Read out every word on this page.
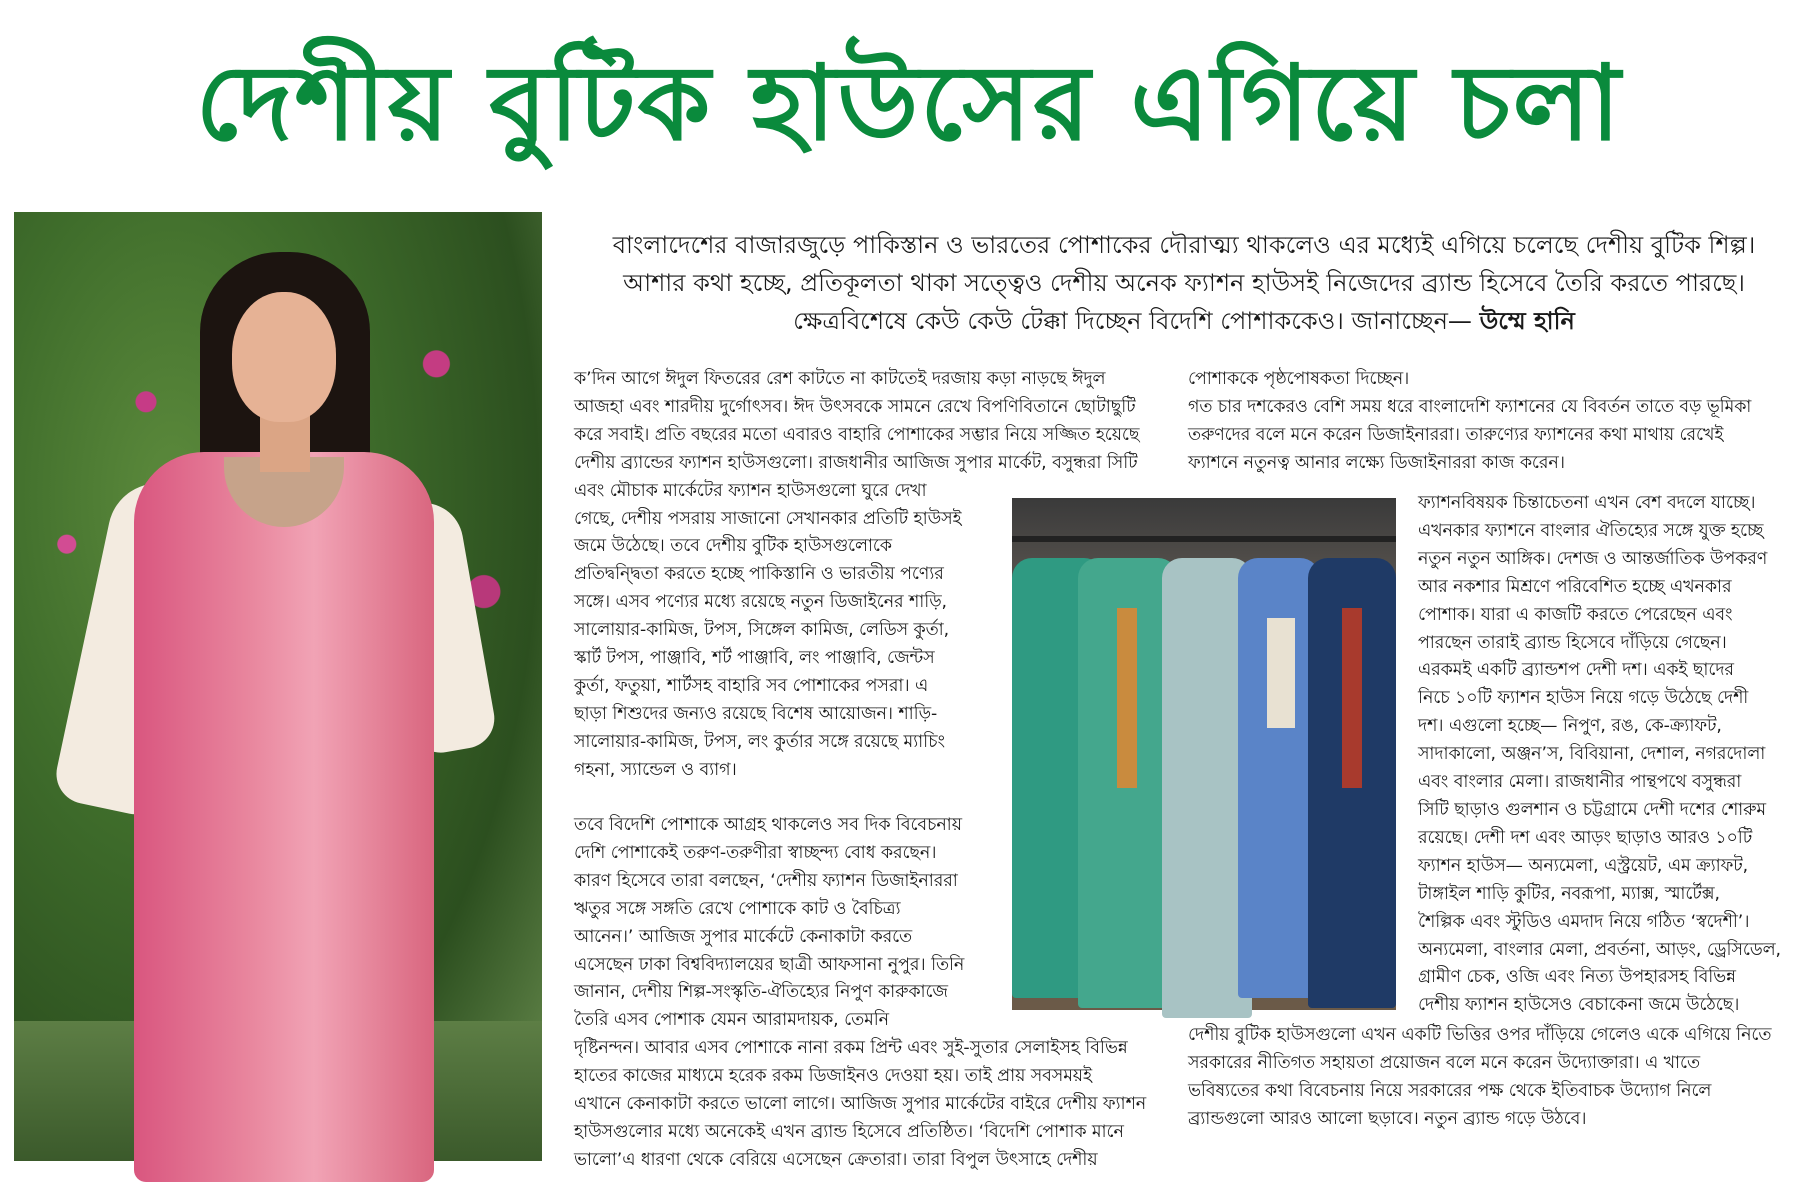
দেশীয় বুটিক হাউসের এগিয়ে চলা

বাংলাদেশের বাজারজুড়ে পাকিস্তান ও ভারতের পোশাকের দৌরাত্ম্য থাকলেও এর মধ্যেই এগিয়ে চলেছে দেশীয় বুটিক শিল্প।

আশার কথা হচ্ছে, প্রতিকূলতা থাকা সত্ত্বেও দেশীয় অনেক ফ্যাশন হাউসই নিজেদের ব্র্যান্ড হিসেবে তৈরি করতে পারছে।

ক্ষেত্রবিশেষে কেউ কেউ টেক্কা দিচ্ছেন বিদেশি পোশাককেও। জানাচ্ছেন— উম্মে হানি

ক’দিন আগে ঈদুল ফিতরের রেশ কাটতে না কাটতেই দরজায় কড়া নাড়ছে ঈদুল
আজহা এবং শারদীয় দুর্গোৎসব। ঈদ উৎসবকে সামনে রেখে বিপণিবিতানে ছোটাছুটি
করে সবাই। প্রতি বছরের মতো এবারও বাহারি পোশাকের সম্ভার নিয়ে সজ্জিত হয়েছে
দেশীয় ব্র্যান্ডের ফ্যাশন হাউসগুলো। রাজধানীর আজিজ সুপার মার্কেট, বসুন্ধরা সিটি
এবং মৌচাক মার্কেটের ফ্যাশন হাউসগুলো ঘুরে দেখা
গেছে, দেশীয় পসরায় সাজানো সেখানকার প্রতিটি হাউসই
জমে উঠেছে। তবে দেশীয় বুটিক হাউসগুলোকে
প্রতিদ্বন্দ্বিতা করতে হচ্ছে পাকিস্তানি ও ভারতীয় পণ্যের
সঙ্গে। এসব পণ্যের মধ্যে রয়েছে নতুন ডিজাইনের শাড়ি,
সালোয়ার-কামিজ, টপস, সিঙ্গেল কামিজ, লেডিস কুর্তা,
স্কার্ট টপস, পাঞ্জাবি, শর্ট পাঞ্জাবি, লং পাঞ্জাবি, জেন্টস
কুর্তা, ফতুয়া, শার্টসহ বাহারি সব পোশাকের পসরা। এ
ছাড়া শিশুদের জন্যও রয়েছে বিশেষ আয়োজন। শাড়ি-
সালোয়ার-কামিজ, টপস, লং কুর্তার সঙ্গে রয়েছে ম্যাচিং
গহনা, স্যান্ডেল ও ব্যাগ।
তবে বিদেশি পোশাকে আগ্রহ থাকলেও সব দিক বিবেচনায়
দেশি পোশাকেই তরুণ-তরুণীরা স্বাচ্ছন্দ্য বোধ করছেন।
কারণ হিসেবে তারা বলছেন, ‘দেশীয় ফ্যাশন ডিজাইনাররা
ঋতুর সঙ্গে সঙ্গতি রেখে পোশাকে কাট ও বৈচিত্র্য
আনেন।’ আজিজ সুপার মার্কেটে কেনাকাটা করতে
এসেছেন ঢাকা বিশ্ববিদ্যালয়ের ছাত্রী আফসানা নুপুর। তিনি
জানান, দেশীয় শিল্প-সংস্কৃতি-ঐতিহ্যের নিপুণ কারুকাজে
তৈরি এসব পোশাক যেমন আরামদায়ক, তেমনি
দৃষ্টিনন্দন। আবার এসব পোশাকে নানা রকম প্রিন্ট এবং সুই-সুতার সেলাইসহ বিভিন্ন
হাতের কাজের মাধ্যমে হরেক রকম ডিজাইনও দেওয়া হয়। তাই প্রায় সবসময়ই
এখানে কেনাকাটা করতে ভালো লাগে। আজিজ সুপার মার্কেটের বাইরে দেশীয় ফ্যাশন
হাউসগুলোর মধ্যে অনেকেই এখন ব্র্যান্ড হিসেবে প্রতিষ্ঠিত। ‘বিদেশি পোশাক মানে
ভালো’এ ধারণা থেকে বেরিয়ে এসেছেন ক্রেতারা। তারা বিপুল উৎসাহে দেশীয়
পোশাককে পৃষ্ঠপোষকতা দিচ্ছেন।
গত চার দশকেরও বেশি সময় ধরে বাংলাদেশি ফ্যাশনের যে বিবর্তন তাতে বড় ভূমিকা
তরুণদের বলে মনে করেন ডিজাইনাররা। তারুণ্যের ফ্যাশনের কথা মাথায় রেখেই
ফ্যাশনে নতুনত্ব আনার লক্ষ্যে ডিজাইনাররা কাজ করেন।
ফ্যাশনবিষয়ক চিন্তাচেতনা এখন বেশ বদলে যাচ্ছে।
এখনকার ফ্যাশনে বাংলার ঐতিহ্যের সঙ্গে যুক্ত হচ্ছে
নতুন নতুন আঙ্গিক। দেশজ ও আন্তর্জাতিক উপকরণ
আর নকশার মিশ্রণে পরিবেশিত হচ্ছে এখনকার
পোশাক। যারা এ কাজটি করতে পেরেছেন এবং
পারছেন তারাই ব্র্যান্ড হিসেবে দাঁড়িয়ে গেছেন।
এরকমই একটি ব্র্যান্ডশপ দেশী দশ। একই ছাদের
নিচে ১০টি ফ্যাশন হাউস নিয়ে গড়ে উঠেছে দেশী
দশ। এগুলো হচ্ছে— নিপুণ, রঙ, কে-ক্র্যাফট,
সাদাকালো, অঞ্জন’স, বিবিয়ানা, দেশাল, নগরদোলা
এবং বাংলার মেলা। রাজধানীর পান্থপথে বসুন্ধরা
সিটি ছাড়াও গুলশান ও চট্টগ্রামে দেশী দশের শোরুম
রয়েছে। দেশী দশ এবং আড়ং ছাড়াও আরও ১০টি
ফ্যাশন হাউস— অন্যমেলা, এস্ট্রয়েট, এম ক্র্যাফট,
টাঙ্গাইল শাড়ি কুটির, নবরূপা, ম্যাক্স, স্মার্টেক্স,
শৈল্পিক এবং স্টুডিও এমদাদ নিয়ে গঠিত ‘স্বদেশী’।
অন্যমেলা, বাংলার মেলা, প্রবর্তনা, আড়ং, ড্রেসিডেল,
গ্রামীণ চেক, ওজি এবং নিত্য উপহারসহ বিভিন্ন
দেশীয় ফ্যাশন হাউসেও বেচাকেনা জমে উঠেছে।
দেশীয় বুটিক হাউসগুলো এখন একটি ভিত্তির ওপর দাঁড়িয়ে গেলেও একে এগিয়ে নিতে
সরকারের নীতিগত সহায়তা প্রয়োজন বলে মনে করেন উদ্যোক্তারা। এ খাতে
ভবিষ্যতের কথা বিবেচনায় নিয়ে সরকারের পক্ষ থেকে ইতিবাচক উদ্যোগ নিলে
ব্র্যান্ডগুলো আরও আলো ছড়াবে। নতুন ব্র্যান্ড গড়ে উঠবে।
